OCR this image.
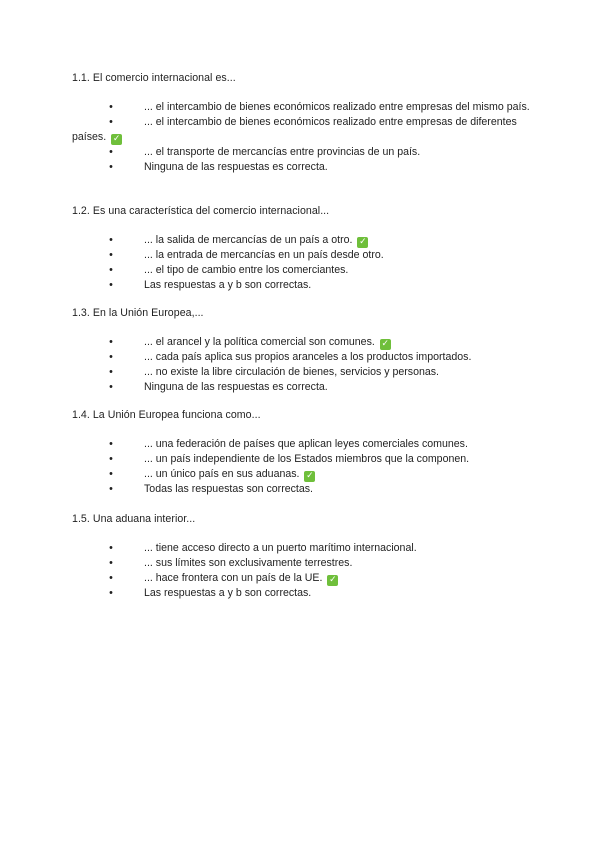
1.1. El comercio internacional es...

•	... el intercambio de bienes económicos realizado entre empresas del mismo país.
•	... el intercambio de bienes económicos realizado entre empresas de diferentes países. ✓
•	... el transporte de mercancías entre provincias de un país.
•	Ninguna de las respuestas es correcta.

1.2. Es una característica del comercio internacional...

•	... la salida de mercancías de un país a otro. ✓
•	... la entrada de mercancías en un país desde otro.
•	... el tipo de cambio entre los comerciantes.
•	Las respuestas a y b son correctas.

1.3. En la Unión Europea,...

•	... el arancel y la política comercial son comunes. ✓
•	... cada país aplica sus propios aranceles a los productos importados.
•	... no existe la libre circulación de bienes, servicios y personas.
•	Ninguna de las respuestas es correcta.

1.4. La Unión Europea funciona como...

•	... una federación de países que aplican leyes comerciales comunes.
•	... un país independiente de los Estados miembros que la componen.
•	... un único país en sus aduanas. ✓
•	Todas las respuestas son correctas.

1.5. Una aduana interior...

•	... tiene acceso directo a un puerto marítimo internacional.
•	... sus límites son exclusivamente terrestres.
•	... hace frontera con un país de la UE. ✓
•	Las respuestas a y b son correctas.
